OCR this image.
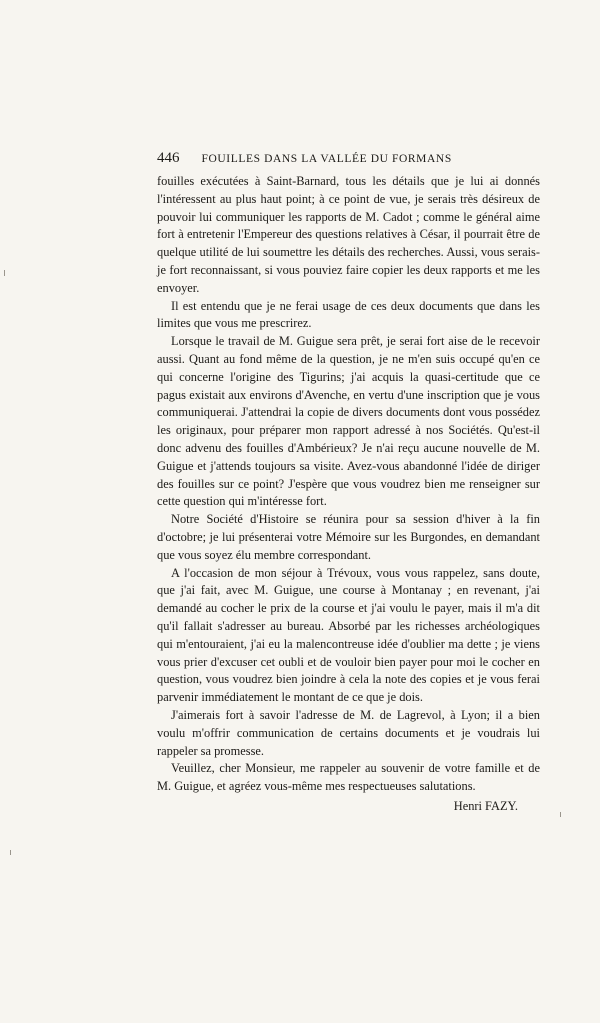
446 FOUILLES DANS LA VALLÉE DU FORMANS

fouilles exécutées à Saint-Barnard, tous les détails que je lui ai donnés l'intéressent au plus haut point; à ce point de vue, je serais très désireux de pouvoir lui communiquer les rapports de M. Cadot ; comme le général aime fort à entretenir l'Empereur des questions relatives à César, il pourrait être de quelque utilité de lui soumettre les détails des recherches. Aussi, vous serais-je fort reconnaissant, si vous pouviez faire copier les deux rapports et me les envoyer.

Il est entendu que je ne ferai usage de ces deux documents que dans les limites que vous me prescrirez.

Lorsque le travail de M. Guigue sera prêt, je serai fort aise de le recevoir aussi. Quant au fond même de la question, je ne m'en suis occupé qu'en ce qui concerne l'origine des Tigurins; j'ai acquis la quasi-certitude que ce pagus existait aux environs d'Avenche, en vertu d'une inscription que je vous communiquerai. J'attendrai la copie de divers documents dont vous possédez les originaux, pour préparer mon rapport adressé à nos Sociétés. Qu'est-il donc advenu des fouilles d'Ambérieux? Je n'ai reçu aucune nouvelle de M. Guigue et j'attends toujours sa visite. Avez-vous abandonné l'idée de diriger des fouilles sur ce point? J'espère que vous voudrez bien me renseigner sur cette question qui m'intéresse fort.

Notre Société d'Histoire se réunira pour sa session d'hiver à la fin d'octobre; je lui présenterai votre Mémoire sur les Burgondes, en demandant que vous soyez élu membre correspondant.

A l'occasion de mon séjour à Trévoux, vous vous rappelez, sans doute, que j'ai fait, avec M. Guigue, une course à Montanay ; en revenant, j'ai demandé au cocher le prix de la course et j'ai voulu le payer, mais il m'a dit qu'il fallait s'adresser au bureau. Absorbé par les richesses archéologiques qui m'entouraient, j'ai eu la malencontreuse idée d'oublier ma dette ; je viens vous prier d'excuser cet oubli et de vouloir bien payer pour moi le cocher en question, vous voudrez bien joindre à cela la note des copies et je vous ferai parvenir immédiatement le montant de ce que je dois.

J'aimerais fort à savoir l'adresse de M. de Lagrevol, à Lyon; il a bien voulu m'offrir communication de certains documents et je voudrais lui rappeler sa promesse.

Veuillez, cher Monsieur, me rappeler au souvenir de votre famille et de M. Guigue, et agréez vous-même mes respectueuses salutations.

Henri FAZY.
